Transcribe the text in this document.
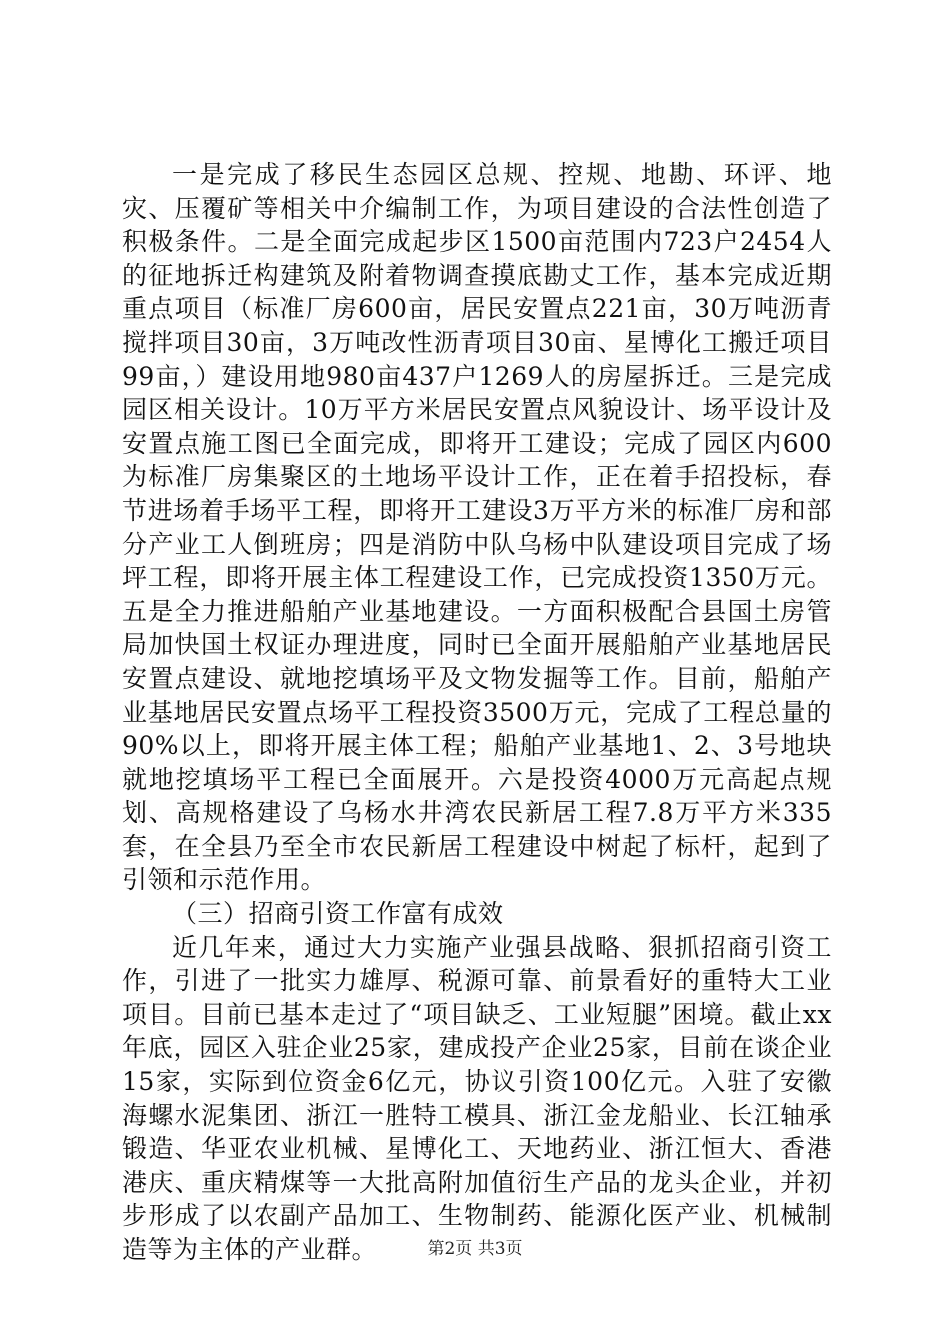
一是完成了移民生态园区总规、控规、地勘、环评、地灾、压覆矿等相关中介编制工作，为项目建设的合法性创造了积极条件。二是全面完成起步区1500亩范围内723户2454人的征地拆迁构建筑及附着物调查摸底勘丈工作，基本完成近期重点项目（标准厂房600亩，居民安置点221亩，30万吨沥青搅拌项目30亩，3万吨改性沥青项目30亩、星博化工搬迁项目99亩，）建设用地980亩437户1269人的房屋拆迁。三是完成园区相关设计。10万平方米居民安置点风貌设计、场平设计及安置点施工图已全面完成，即将开工建设；完成了园区内600为标准厂房集聚区的土地场平设计工作，正在着手招投标，春节进场着手场平工程，即将开工建设3万平方米的标准厂房和部分产业工人倒班房；四是消防中队乌杨中队建设项目完成了场坪工程，即将开展主体工程建设工作，已完成投资1350万元。五是全力推进船舶产业基地建设。一方面积极配合县国土房管局加快国土权证办理进度，同时已全面开展船舶产业基地居民安置点建设、就地挖填场平及文物发掘等工作。目前，船舶产业基地居民安置点场平工程投资3500万元，完成了工程总量的90%以上，即将开展主体工程；船舶产业基地1、2、3号地块就地挖填场平工程已全面展开。六是投资4000万元高起点规划、高规格建设了乌杨水井湾农民新居工程7.8万平方米335套，在全县乃至全市农民新居工程建设中树起了标杆，起到了引领和示范作用。

（三）招商引资工作富有成效

近几年来，通过大力实施产业强县战略、狠抓招商引资工作，引进了一批实力雄厚、税源可靠、前景看好的重特大工业项目。目前已基本走过了“项目缺乏、工业短腿”困境。截止xx年底，园区入驻企业25家，建成投产企业25家，目前在谈企业15家，实际到位资金6亿元，协议引资100亿元。入驻了安徽海螺水泥集团、浙江一胜特工模具、浙江金龙船业、长江轴承锻造、华亚农业机械、星博化工、天地药业、浙江恒大、香港港庆、重庆精煤等一大批高附加值衍生产品的龙头企业，并初步形成了以农副产品加工、生物制药、能源化医产业、机械制造等为主体的产业群。	第2页 共3页
